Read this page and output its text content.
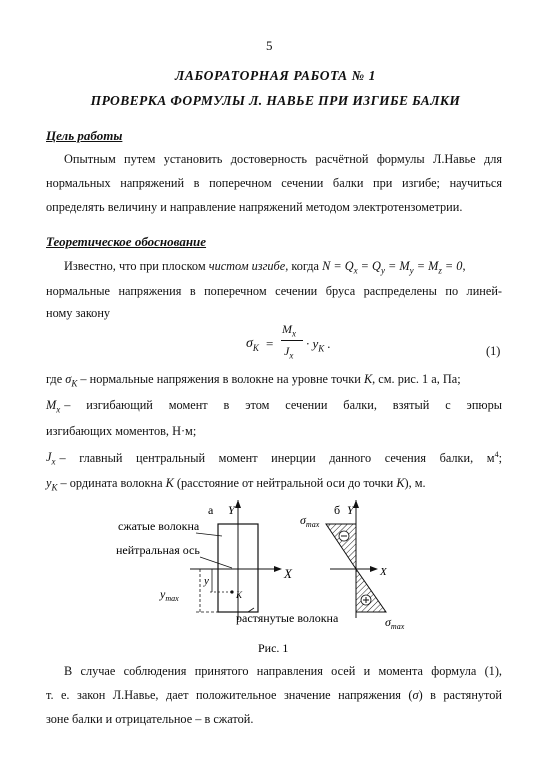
5
ЛАБОРАТОРНАЯ РАБОТА № 1
ПРОВЕРКА ФОРМУЛЫ Л. НАВЬЕ ПРИ ИЗГИБЕ БАЛКИ
Цель работы
Опытным путем установить достоверность расчётной формулы Л.Навье для
нормальных напряжений в поперечном сечении балки при изгибе; научиться
определять величину и направление напряжений методом электротензометрии.
Теоретическое обоснование
Известно, что при плоском чистом изгибе, когда $N = Q_x = Q_y = M_y = M_z = 0$,
нормальные напряжения в поперечном сечении бруса распределены по линей-
ному закону
$\sigma_K$ =
$M_x$
$J_x$
· $y_K$ .	(1)
где $\sigma_K$ – нормальные напряжения в волокне на уровне точки K, см. рис. 1 а, Па;
$M_x$ – изгибающий момент в этом сечении балки, взятый с эпюры
изгибающих моментов, Н·м;
$J_x$ – главный центральный момент инерции данного сечения балки, $м^4$;
$y_K$ – ордината волокна K (расстояние от нейтральной оси до точки K), м.
а Y
X
сжатые волокна
нейтральная ось
$y_{max}$
y
K
растянутые волокна
б Y
X
$\sigma_{max}$
$\sigma_{max}$
Рис. 1
В случае соблюдения принятого направления осей и момента формула (1),
т. е. закон Л.Навье, дает положительное значение напряжения (σ) в растянутой
зоне балки и отрицательное – в сжатой.
